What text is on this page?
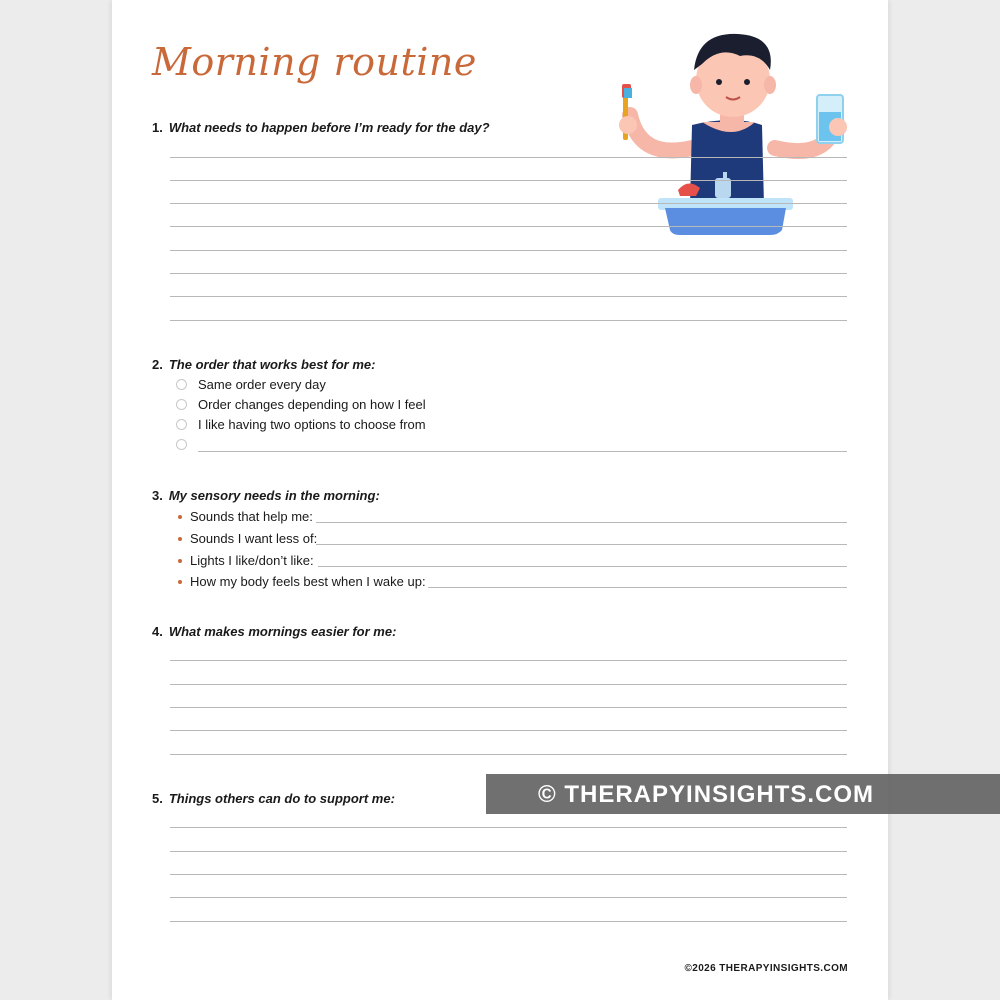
Morning routine
1. What needs to happen before I’m ready for the day?
2. The order that works best for me:
Same order every day
Order changes depending on how I feel
I like having two options to choose from
3. My sensory needs in the morning:
Sounds that help me:
Sounds I want less of:
Lights I like/don’t like:
How my body feels best when I wake up:
4. What makes mornings easier for me:
5. Things others can do to support me:	© THERAPYINSIGHTS.COM
©2026 THERAPYINSIGHTS.COM
